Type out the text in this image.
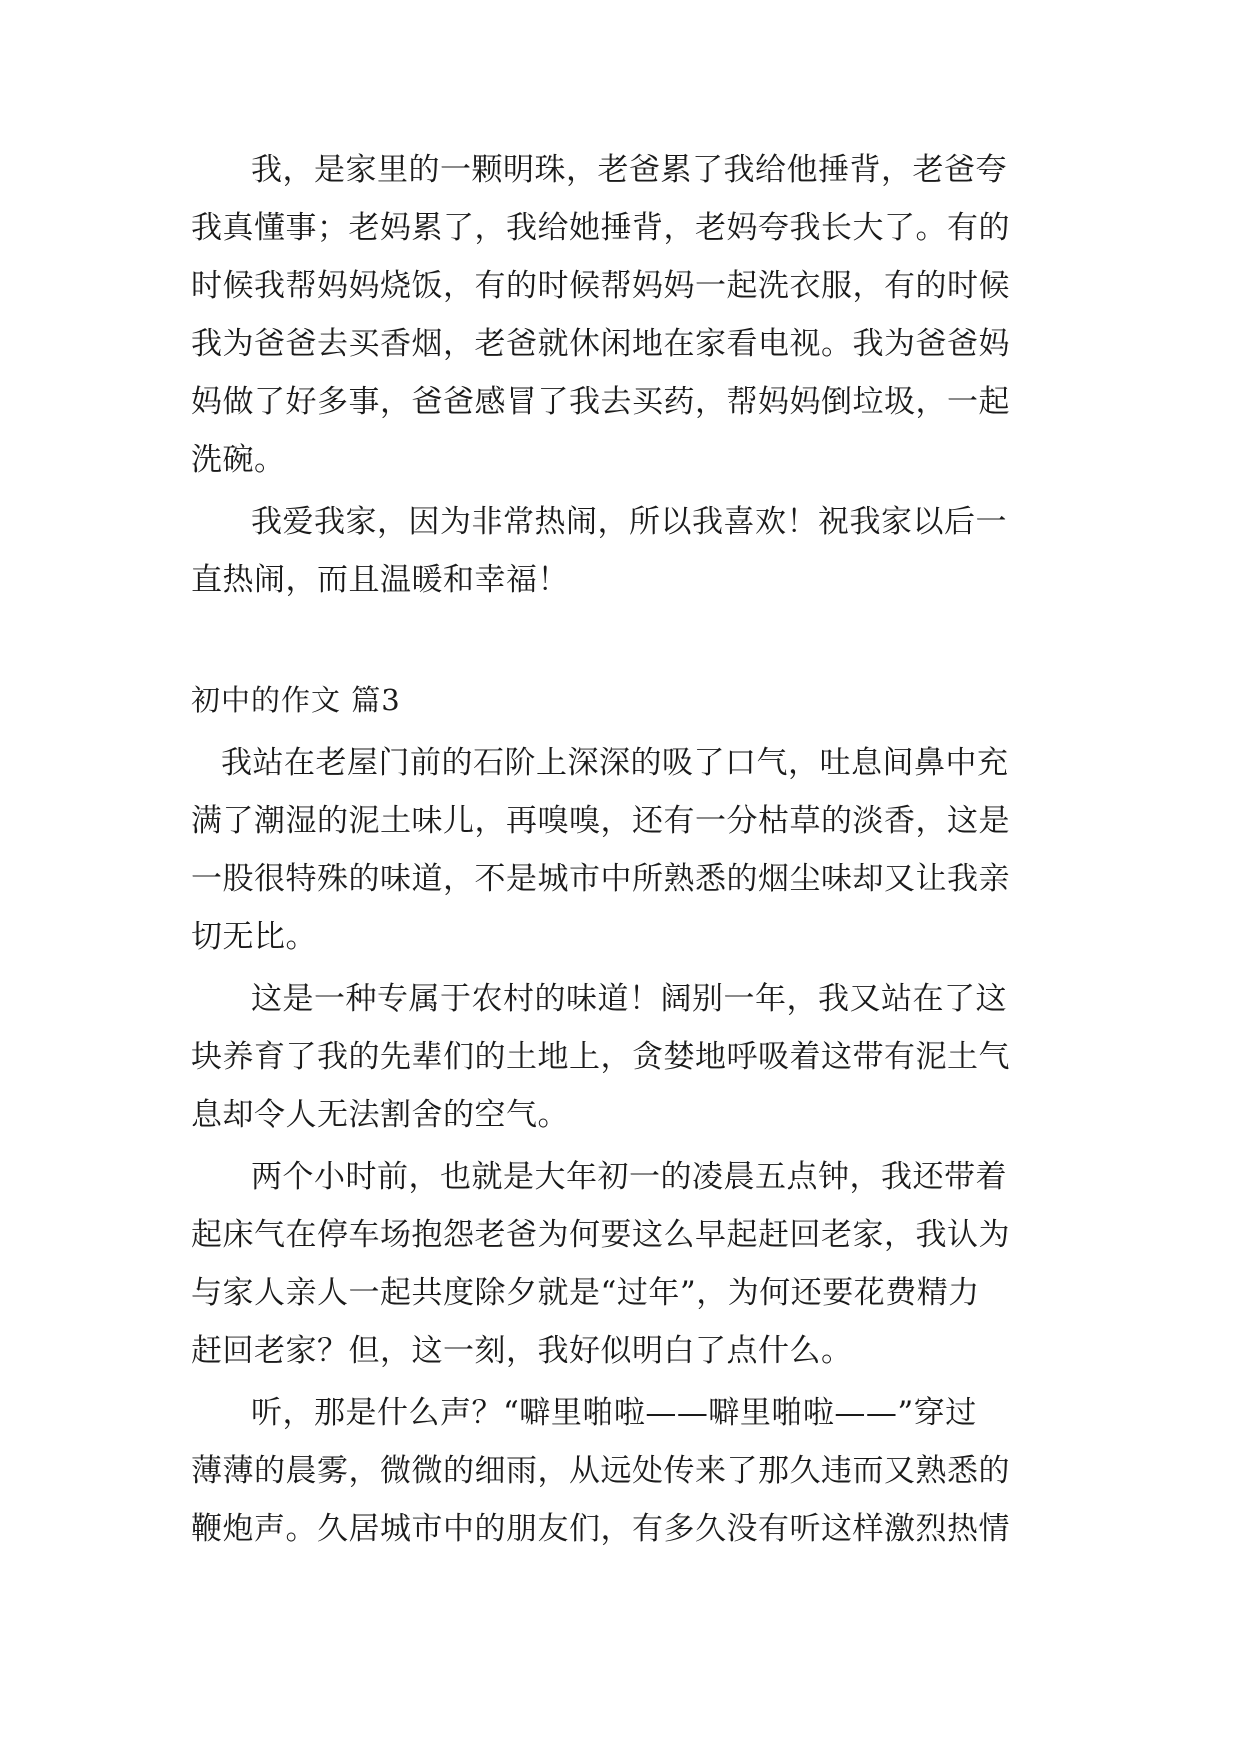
我，是家里的一颗明珠，老爸累了我给他捶背，老爸夸
我真懂事；老妈累了，我给她捶背，老妈夸我长大了。有的
时候我帮妈妈烧饭，有的时候帮妈妈一起洗衣服，有的时候
我为爸爸去买香烟，老爸就休闲地在家看电视。我为爸爸妈
妈做了好多事，爸爸感冒了我去买药，帮妈妈倒垃圾，一起
洗碗。
我爱我家，因为非常热闹，所以我喜欢！祝我家以后一
直热闹，而且温暖和幸福！
初中的作文 篇3
我站在老屋门前的石阶上深深的吸了口气，吐息间鼻中充
满了潮湿的泥土味儿，再嗅嗅，还有一分枯草的淡香，这是
一股很特殊的味道，不是城市中所熟悉的烟尘味却又让我亲
切无比。
这是一种专属于农村的味道！阔别一年，我又站在了这
块养育了我的先辈们的土地上，贪婪地呼吸着这带有泥土气
息却令人无法割舍的空气。
两个小时前，也就是大年初一的凌晨五点钟，我还带着
起床气在停车场抱怨老爸为何要这么早起赶回老家，我认为
与家人亲人一起共度除夕就是“过年”，为何还要花费精力
赶回老家？但，这一刻，我好似明白了点什么。
听，那是什么声？“噼里啪啦——噼里啪啦——”穿过
薄薄的晨雾，微微的细雨，从远处传来了那久违而又熟悉的
鞭炮声。久居城市中的朋友们，有多久没有听这样激烈热情
